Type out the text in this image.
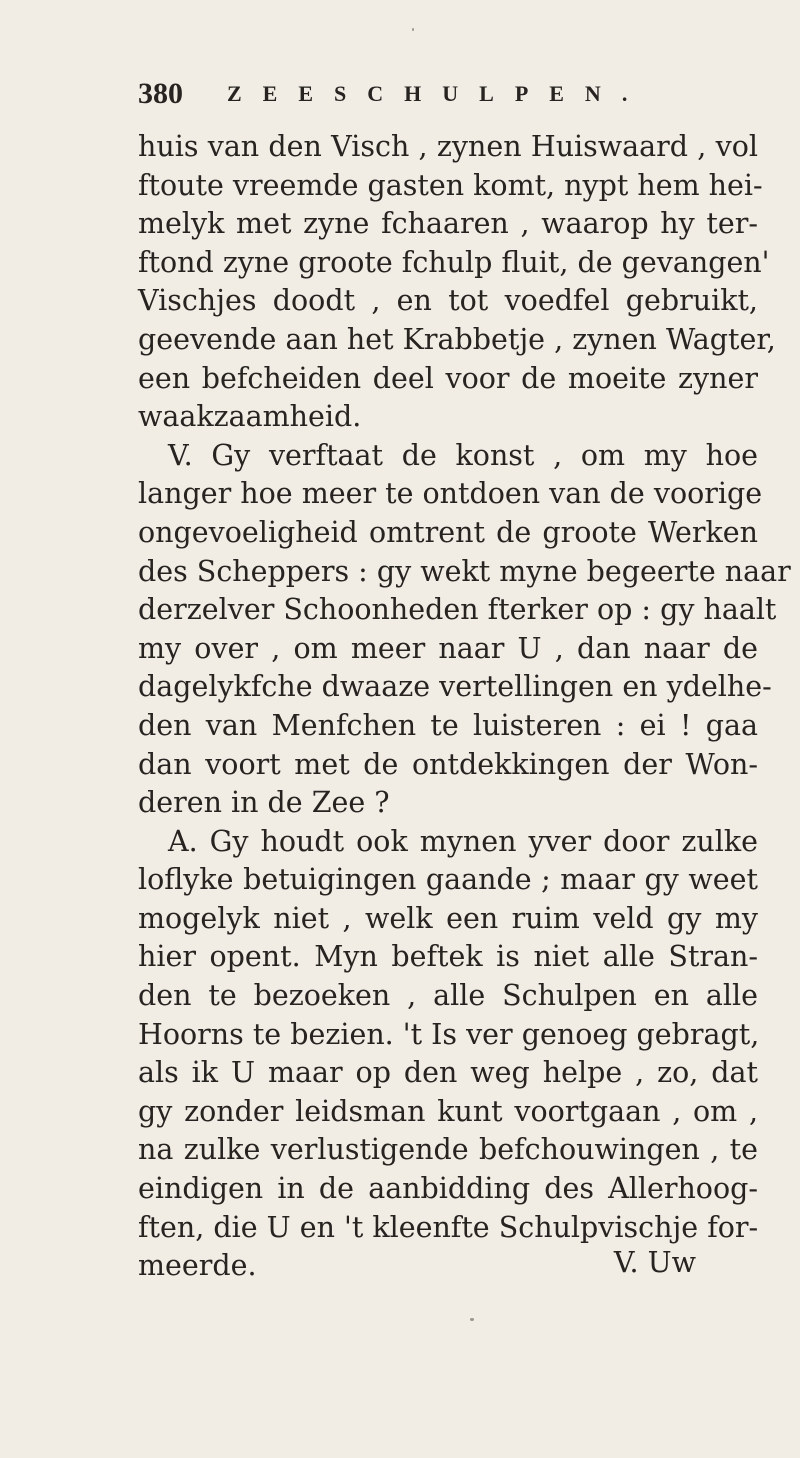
380 ZEESCHULPEN.
huis van den Visch , zynen Huiswaard , vol
ftoute vreemde gasten komt, nypt hem hei-
melyk met zyne fchaaren , waarop hy ter-
ftond zyne groote fchulp fluit, de gevangen'
Vischjes doodt , en tot voedfel gebruikt,
geevende aan het Krabbetje , zynen Wagter,
een befcheiden deel voor de moeite zyner
waakzaamheid.
V. Gy verftaat de konst , om my hoe
langer hoe meer te ontdoen van de voorige
ongevoeligheid omtrent de groote Werken
des Scheppers : gy wekt myne begeerte naar
derzelver Schoonheden fterker op : gy haalt
my over , om meer naar U , dan naar de
dagelykfche dwaaze vertellingen en ydelhe-
den van Menfchen te luisteren : ei ! gaa
dan voort met de ontdekkingen der Won-
deren in de Zee ?
A. Gy houdt ook mynen yver door zulke
loflyke betuigingen gaande ; maar gy weet
mogelyk niet , welk een ruim veld gy my
hier opent. Myn beftek is niet alle Stran-
den te bezoeken , alle Schulpen en alle
Hoorns te bezien. 't Is ver genoeg gebragt,
als ik U maar op den weg helpe , zo, dat
gy zonder leidsman kunt voortgaan , om ,
na zulke verlustigende befchouwingen , te
eindigen in de aanbidding des Allerhoog-
ften, die U en 't kleenfte Schulpvischje for-
meerde.	V. Uw
